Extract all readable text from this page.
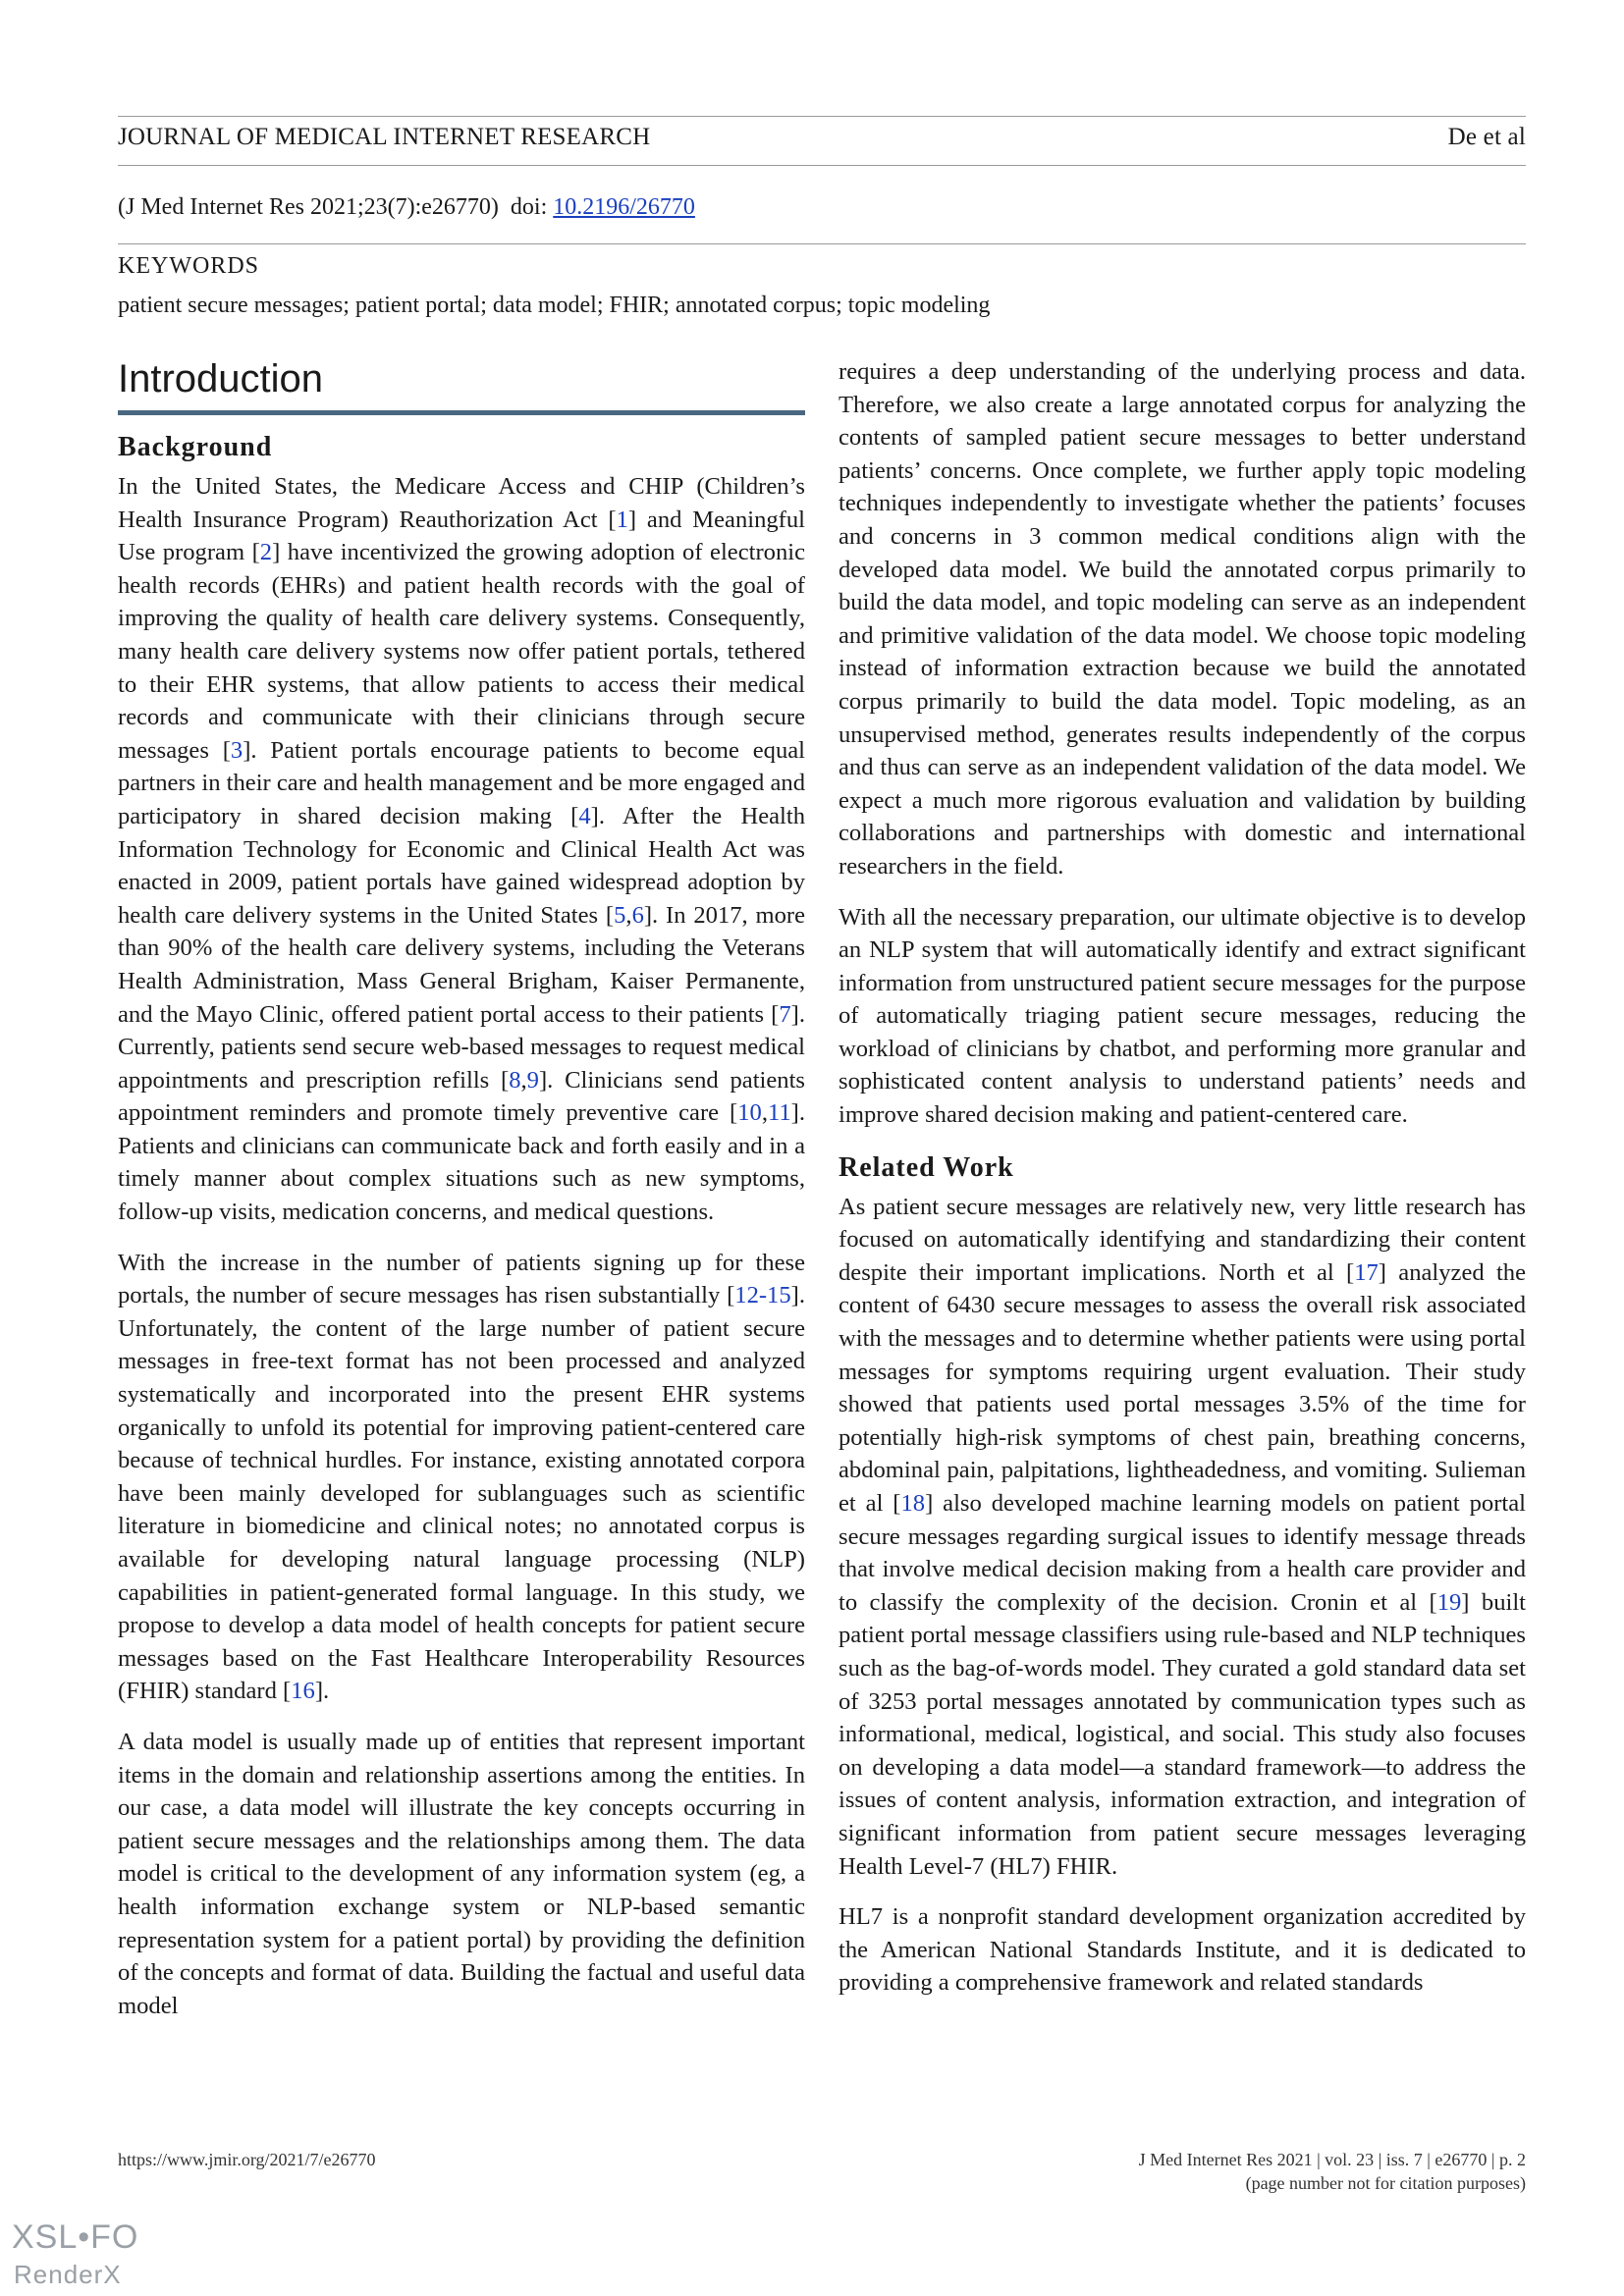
JOURNAL OF MEDICAL INTERNET RESEARCH	De et al
(J Med Internet Res 2021;23(7):e26770)  doi: 10.2196/26770
KEYWORDS
patient secure messages; patient portal; data model; FHIR; annotated corpus; topic modeling
Introduction
Background

In the United States, the Medicare Access and CHIP (Children’s Health Insurance Program) Reauthorization Act [1] and Meaningful Use program [2] have incentivized the growing adoption of electronic health records (EHRs) and patient health records with the goal of improving the quality of health care delivery systems. Consequently, many health care delivery systems now offer patient portals, tethered to their EHR systems, that allow patients to access their medical records and communicate with their clinicians through secure messages [3]. Patient portals encourage patients to become equal partners in their care and health management and be more engaged and participatory in shared decision making [4]. After the Health Information Technology for Economic and Clinical Health Act was enacted in 2009, patient portals have gained widespread adoption by health care delivery systems in the United States [5,6]. In 2017, more than 90% of the health care delivery systems, including the Veterans Health Administration, Mass General Brigham, Kaiser Permanente, and the Mayo Clinic, offered patient portal access to their patients [7]. Currently, patients send secure web-based messages to request medical appointments and prescription refills [8,9]. Clinicians send patients appointment reminders and promote timely preventive care [10,11]. Patients and clinicians can communicate back and forth easily and in a timely manner about complex situations such as new symptoms, follow-up visits, medication concerns, and medical questions.

With the increase in the number of patients signing up for these portals, the number of secure messages has risen substantially [12-15]. Unfortunately, the content of the large number of patient secure messages in free-text format has not been processed and analyzed systematically and incorporated into the present EHR systems organically to unfold its potential for improving patient-centered care because of technical hurdles. For instance, existing annotated corpora have been mainly developed for sublanguages such as scientific literature in biomedicine and clinical notes; no annotated corpus is available for developing natural language processing (NLP) capabilities in patient-generated formal language. In this study, we propose to develop a data model of health concepts for patient secure messages based on the Fast Healthcare Interoperability Resources (FHIR) standard [16].

A data model is usually made up of entities that represent important items in the domain and relationship assertions among the entities. In our case, a data model will illustrate the key concepts occurring in patient secure messages and the relationships among them. The data model is critical to the development of any information system (eg, a health information exchange system or NLP-based semantic representation system for a patient portal) by providing the definition of the concepts and format of data. Building the factual and useful data model

requires a deep understanding of the underlying process and data. Therefore, we also create a large annotated corpus for analyzing the contents of sampled patient secure messages to better understand patients’ concerns. Once complete, we further apply topic modeling techniques independently to investigate whether the patients’ focuses and concerns in 3 common medical conditions align with the developed data model. We build the annotated corpus primarily to build the data model, and topic modeling can serve as an independent and primitive validation of the data model. We choose topic modeling instead of information extraction because we build the annotated corpus primarily to build the data model. Topic modeling, as an unsupervised method, generates results independently of the corpus and thus can serve as an independent validation of the data model. We expect a much more rigorous evaluation and validation by building collaborations and partnerships with domestic and international researchers in the field.

With all the necessary preparation, our ultimate objective is to develop an NLP system that will automatically identify and extract significant information from unstructured patient secure messages for the purpose of automatically triaging patient secure messages, reducing the workload of clinicians by chatbot, and performing more granular and sophisticated content analysis to understand patients’ needs and improve shared decision making and patient-centered care.

Related Work

As patient secure messages are relatively new, very little research has focused on automatically identifying and standardizing their content despite their important implications. North et al [17] analyzed the content of 6430 secure messages to assess the overall risk associated with the messages and to determine whether patients were using portal messages for symptoms requiring urgent evaluation. Their study showed that patients used portal messages 3.5% of the time for potentially high-risk symptoms of chest pain, breathing concerns, abdominal pain, palpitations, lightheadedness, and vomiting. Sulieman et al [18] also developed machine learning models on patient portal secure messages regarding surgical issues to identify message threads that involve medical decision making from a health care provider and to classify the complexity of the decision. Cronin et al [19] built patient portal message classifiers using rule-based and NLP techniques such as the bag-of-words model. They curated a gold standard data set of 3253 portal messages annotated by communication types such as informational, medical, logistical, and social. This study also focuses on developing a data model—a standard framework—to address the issues of content analysis, information extraction, and integration of significant information from patient secure messages leveraging Health Level-7 (HL7) FHIR.

HL7 is a nonprofit standard development organization accredited by the American National Standards Institute, and it is dedicated to providing a comprehensive framework and related standards

https://www.jmir.org/2021/7/e26770	J Med Internet Res 2021 | vol. 23 | iss. 7 | e26770 | p. 2
(page number not for citation purposes)
XSL•FO
RenderX
